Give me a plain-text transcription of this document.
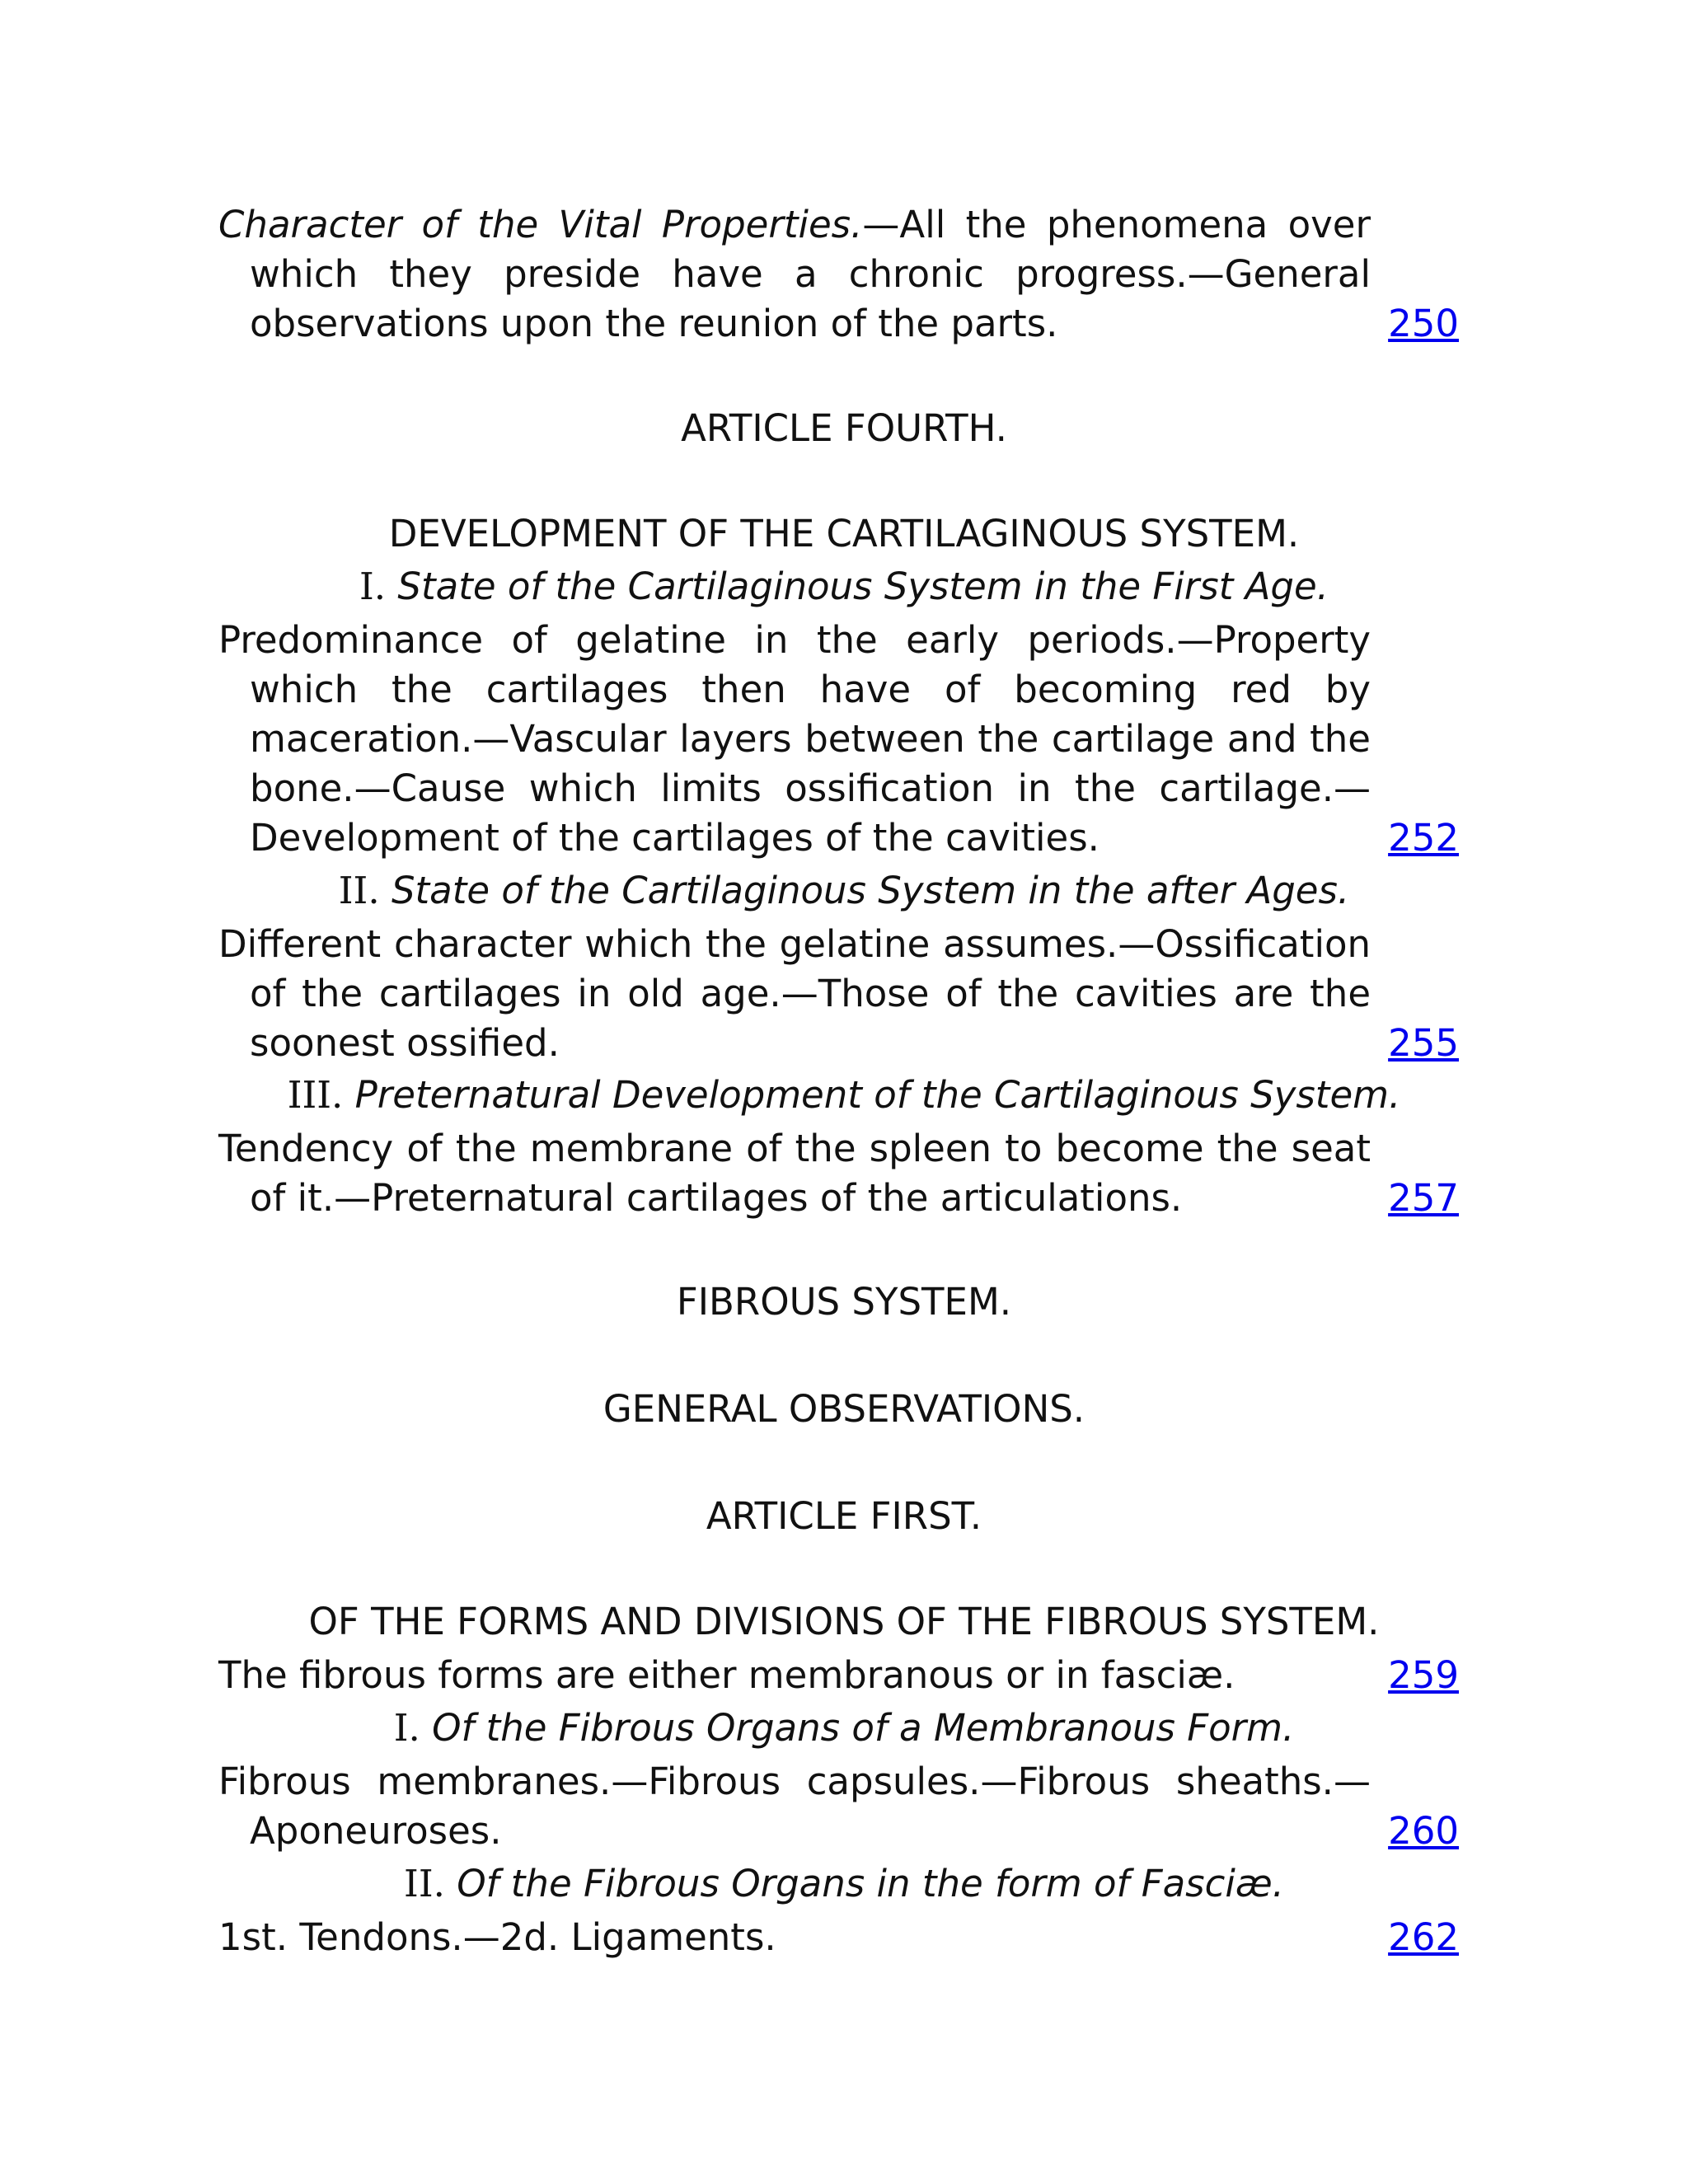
Character of the Vital Properties.—All the phenomena over which they preside have a chronic progress.—General observations upon the reunion of the parts.	250
ARTICLE FOURTH.
DEVELOPMENT OF THE CARTILAGINOUS SYSTEM.
I. State of the Cartilaginous System in the First Age.
Predominance of gelatine in the early periods.—Property which the cartilages then have of becoming red by maceration.—Vascular layers between the cartilage and the bone.—Cause which limits ossification in the cartilage.—Development of the cartilages of the cavities.	252
II. State of the Cartilaginous System in the after Ages.
Different character which the gelatine assumes.—Ossification of the cartilages in old age.—Those of the cavities are the soonest ossified.	255
III. Preternatural Development of the Cartilaginous System.
Tendency of the membrane of the spleen to become the seat of it.—Preternatural cartilages of the articulations.	257
FIBROUS SYSTEM.
GENERAL OBSERVATIONS.
ARTICLE FIRST.
OF THE FORMS AND DIVISIONS OF THE FIBROUS SYSTEM.
The fibrous forms are either membranous or in fasciæ.	259
I. Of the Fibrous Organs of a Membranous Form.
Fibrous membranes.—Fibrous capsules.—Fibrous sheaths.—Aponeuroses.	260
II. Of the Fibrous Organs in the form of Fasciæ.
1st. Tendons.—2d. Ligaments.	262
